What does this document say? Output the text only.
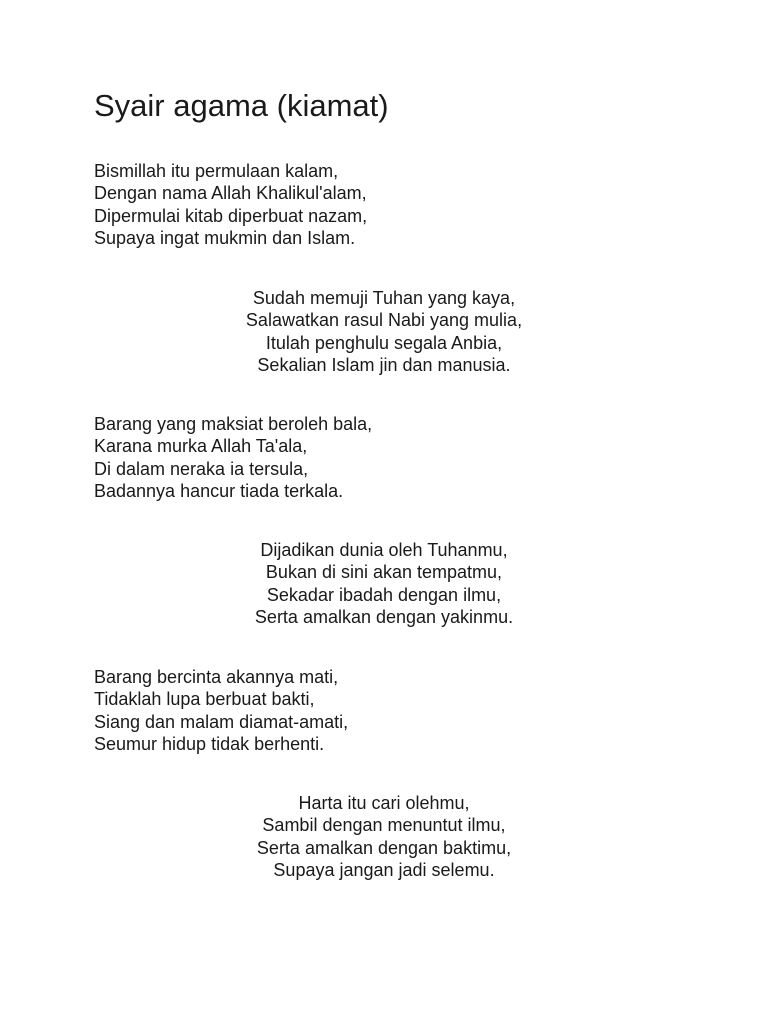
Syair agama (kiamat)
Bismillah itu permulaan kalam,
Dengan nama Allah Khalikul'alam,
Dipermulai kitab diperbuat nazam,
Supaya ingat mukmin dan Islam.
Sudah memuji Tuhan yang kaya,
Salawatkan rasul Nabi yang mulia,
Itulah penghulu segala Anbia,
Sekalian Islam jin dan manusia.
Barang yang maksiat beroleh bala,
Karana murka Allah Ta'ala,
Di dalam neraka ia tersula,
Badannya hancur tiada terkala.
Dijadikan dunia oleh Tuhanmu,
Bukan di sini akan tempatmu,
Sekadar ibadah dengan ilmu,
Serta amalkan dengan yakinmu.
Barang bercinta akannya mati,
Tidaklah lupa berbuat bakti,
Siang dan malam diamat-amati,
Seumur hidup tidak berhenti.
Harta itu cari olehmu,
Sambil dengan menuntut ilmu,
Serta amalkan dengan baktimu,
Supaya jangan jadi selemu.
